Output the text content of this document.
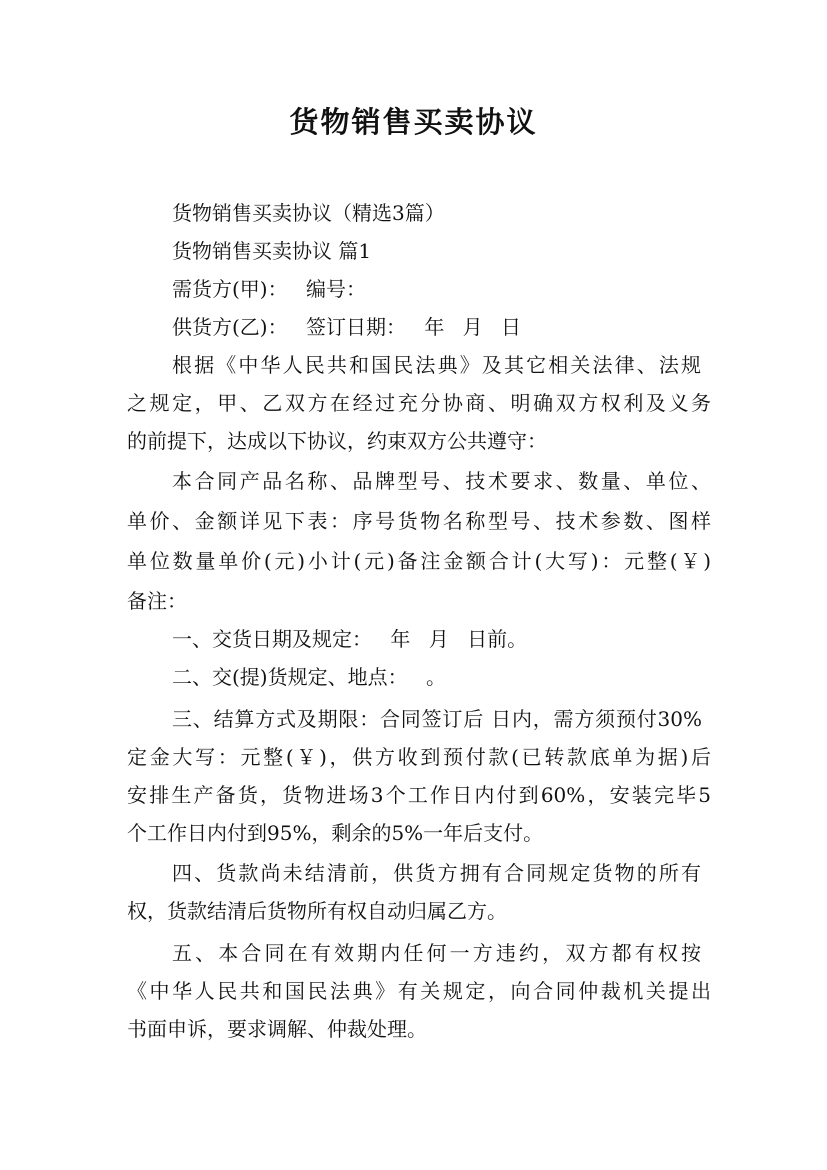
货物销售买卖协议

货物销售买卖协议（精选3篇）

货物销售买卖协议 篇1

需货方(甲)： 编号：

供货方(乙)： 签订日期： 年 月 日

根据《中华人民共和国民法典》及其它相关法律、法规

之规定，甲、乙双方在经过充分协商、明确双方权利及义务

的前提下，达成以下协议，约束双方公共遵守：

本合同产品名称、品牌型号、技术要求、数量、单位、

单价、金额详见下表：序号货物名称型号、技术参数、图样

单位数量单价(元)小计(元)备注金额合计(大写)：元整(￥)

备注：

一、交货日期及规定： 年 月 日前。

二、交(提)货规定、地点： 。

三、结算方式及期限：合同签订后 日内，需方须预付30%

定金大写：元整(￥)，供方收到预付款(已转款底单为据)后

安排生产备货，货物进场3个工作日内付到60%，安装完毕5

个工作日内付到95%，剩余的5%一年后支付。

四、货款尚未结清前，供货方拥有合同规定货物的所有

权，货款结清后货物所有权自动归属乙方。

五、本合同在有效期内任何一方违约，双方都有权按

《中华人民共和国民法典》有关规定，向合同仲裁机关提出

书面申诉，要求调解、仲裁处理。
